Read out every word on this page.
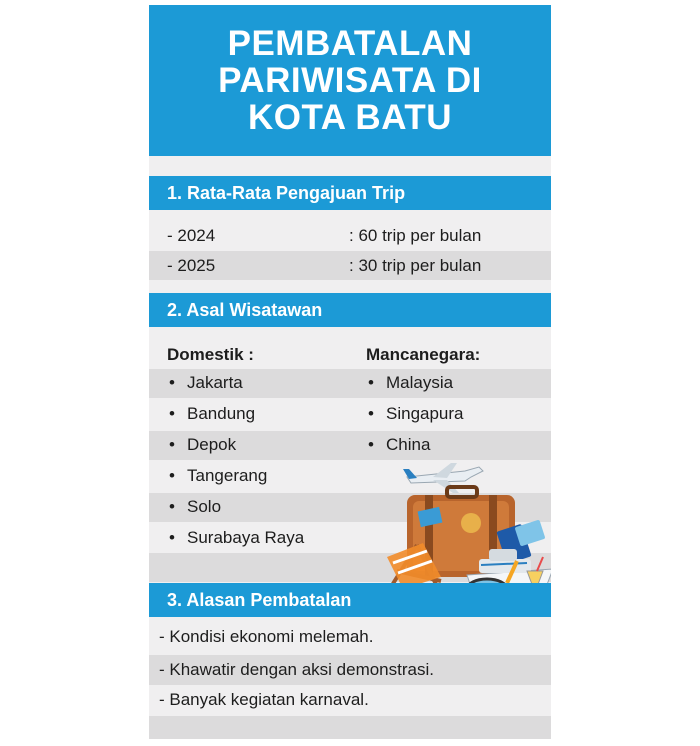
PEMBATALAN
PARIWISATA DI
KOTA BATU
1. Rata-Rata Pengajuan Trip
- 2024	: 60 trip per bulan
- 2025	: 30 trip per bulan
2. Asal Wisatawan
Domestik :	Mancanegara:
• Jakarta
• Bandung
• Depok
• Tangerang
• Solo
• Surabaya Raya
• Malaysia
• Singapura
• China
3. Alasan Pembatalan
- Kondisi ekonomi melemah.
- Khawatir dengan aksi demonstrasi.
- Banyak kegiatan karnaval.
